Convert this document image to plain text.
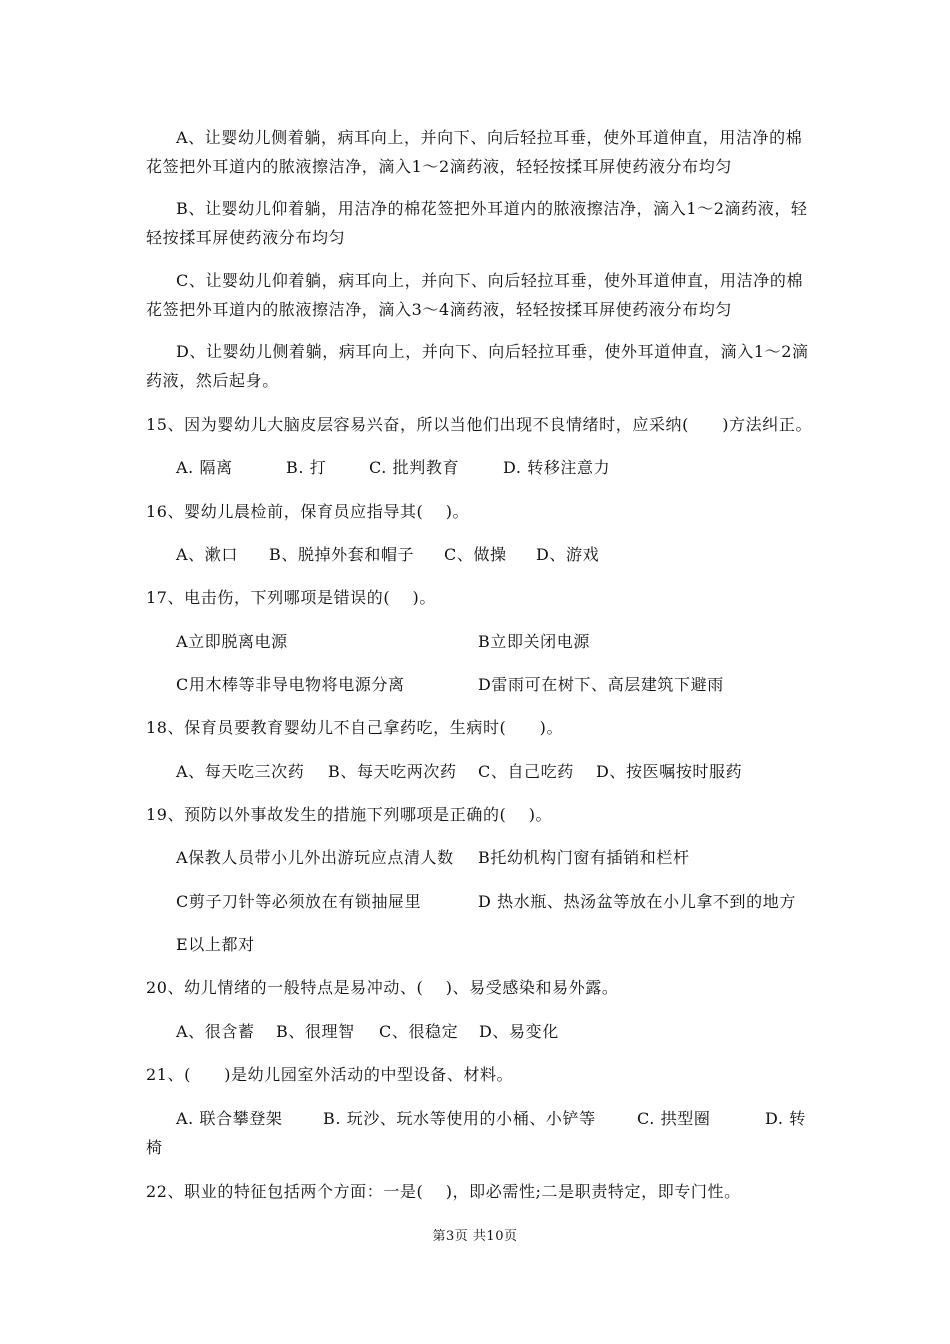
A、让婴幼儿侧着躺，病耳向上，并向下、向后轻拉耳垂，使外耳道伸直，用洁净的棉
花签把外耳道内的脓液擦洁净，滴入1～2滴药液，轻轻按揉耳屏使药液分布均匀
B、让婴幼儿仰着躺，用洁净的棉花签把外耳道内的脓液擦洁净，滴入1～2滴药液，轻
轻按揉耳屏使药液分布均匀
C、让婴幼儿仰着躺，病耳向上，并向下、向后轻拉耳垂，使外耳道伸直，用洁净的棉
花签把外耳道内的脓液擦洁净，滴入3～4滴药液，轻轻按揉耳屏使药液分布均匀
D、让婴幼儿侧着躺，病耳向上，并向下、向后轻拉耳垂，使外耳道伸直，滴入1～2滴
药液，然后起身。
15、因为婴幼儿大脑皮层容易兴奋，所以当他们出现不良情绪时，应采纳(　　)方法纠正。
A. 隔离	B. 打	C. 批判教育	D. 转移注意力
16、婴幼儿晨检前，保育员应指导其(　 )。
A、漱口 B、脱掉外套和帽子 C、做操 D、游戏
17、电击伤，下列哪项是错误的(　 )。
A立即脱离电源	B立即关闭电源
C用木棒等非导电物将电源分离	D雷雨可在树下、高层建筑下避雨
18、保育员要教育婴幼儿不自己拿药吃，生病时(　　)。
A、每天吃三次药 B、每天吃两次药 C、自己吃药 D、按医嘱按时服药
19、预防以外事故发生的措施下列哪项是正确的(　 )。
A保教人员带小儿外出游玩应点清人数 B托幼机构门窗有插销和栏杆
C剪子刀针等必须放在有锁抽屉里	D 热水瓶、热汤盆等放在小儿拿不到的地方
E以上都对
20、幼儿情绪的一般特点是易冲动、(　 )、易受感染和易外露。
A、很含蓄 B、很理智 C、很稳定 D、易变化
21、(　　)是幼儿园室外活动的中型设备、材料。
A. 联合攀登架	B. 玩沙、玩水等使用的小桶、小铲等	C. 拱型圈	D. 转
椅
22、职业的特征包括两个方面：一是(　 )，即必需性;二是职责特定，即专门性。
第3页 共10页
